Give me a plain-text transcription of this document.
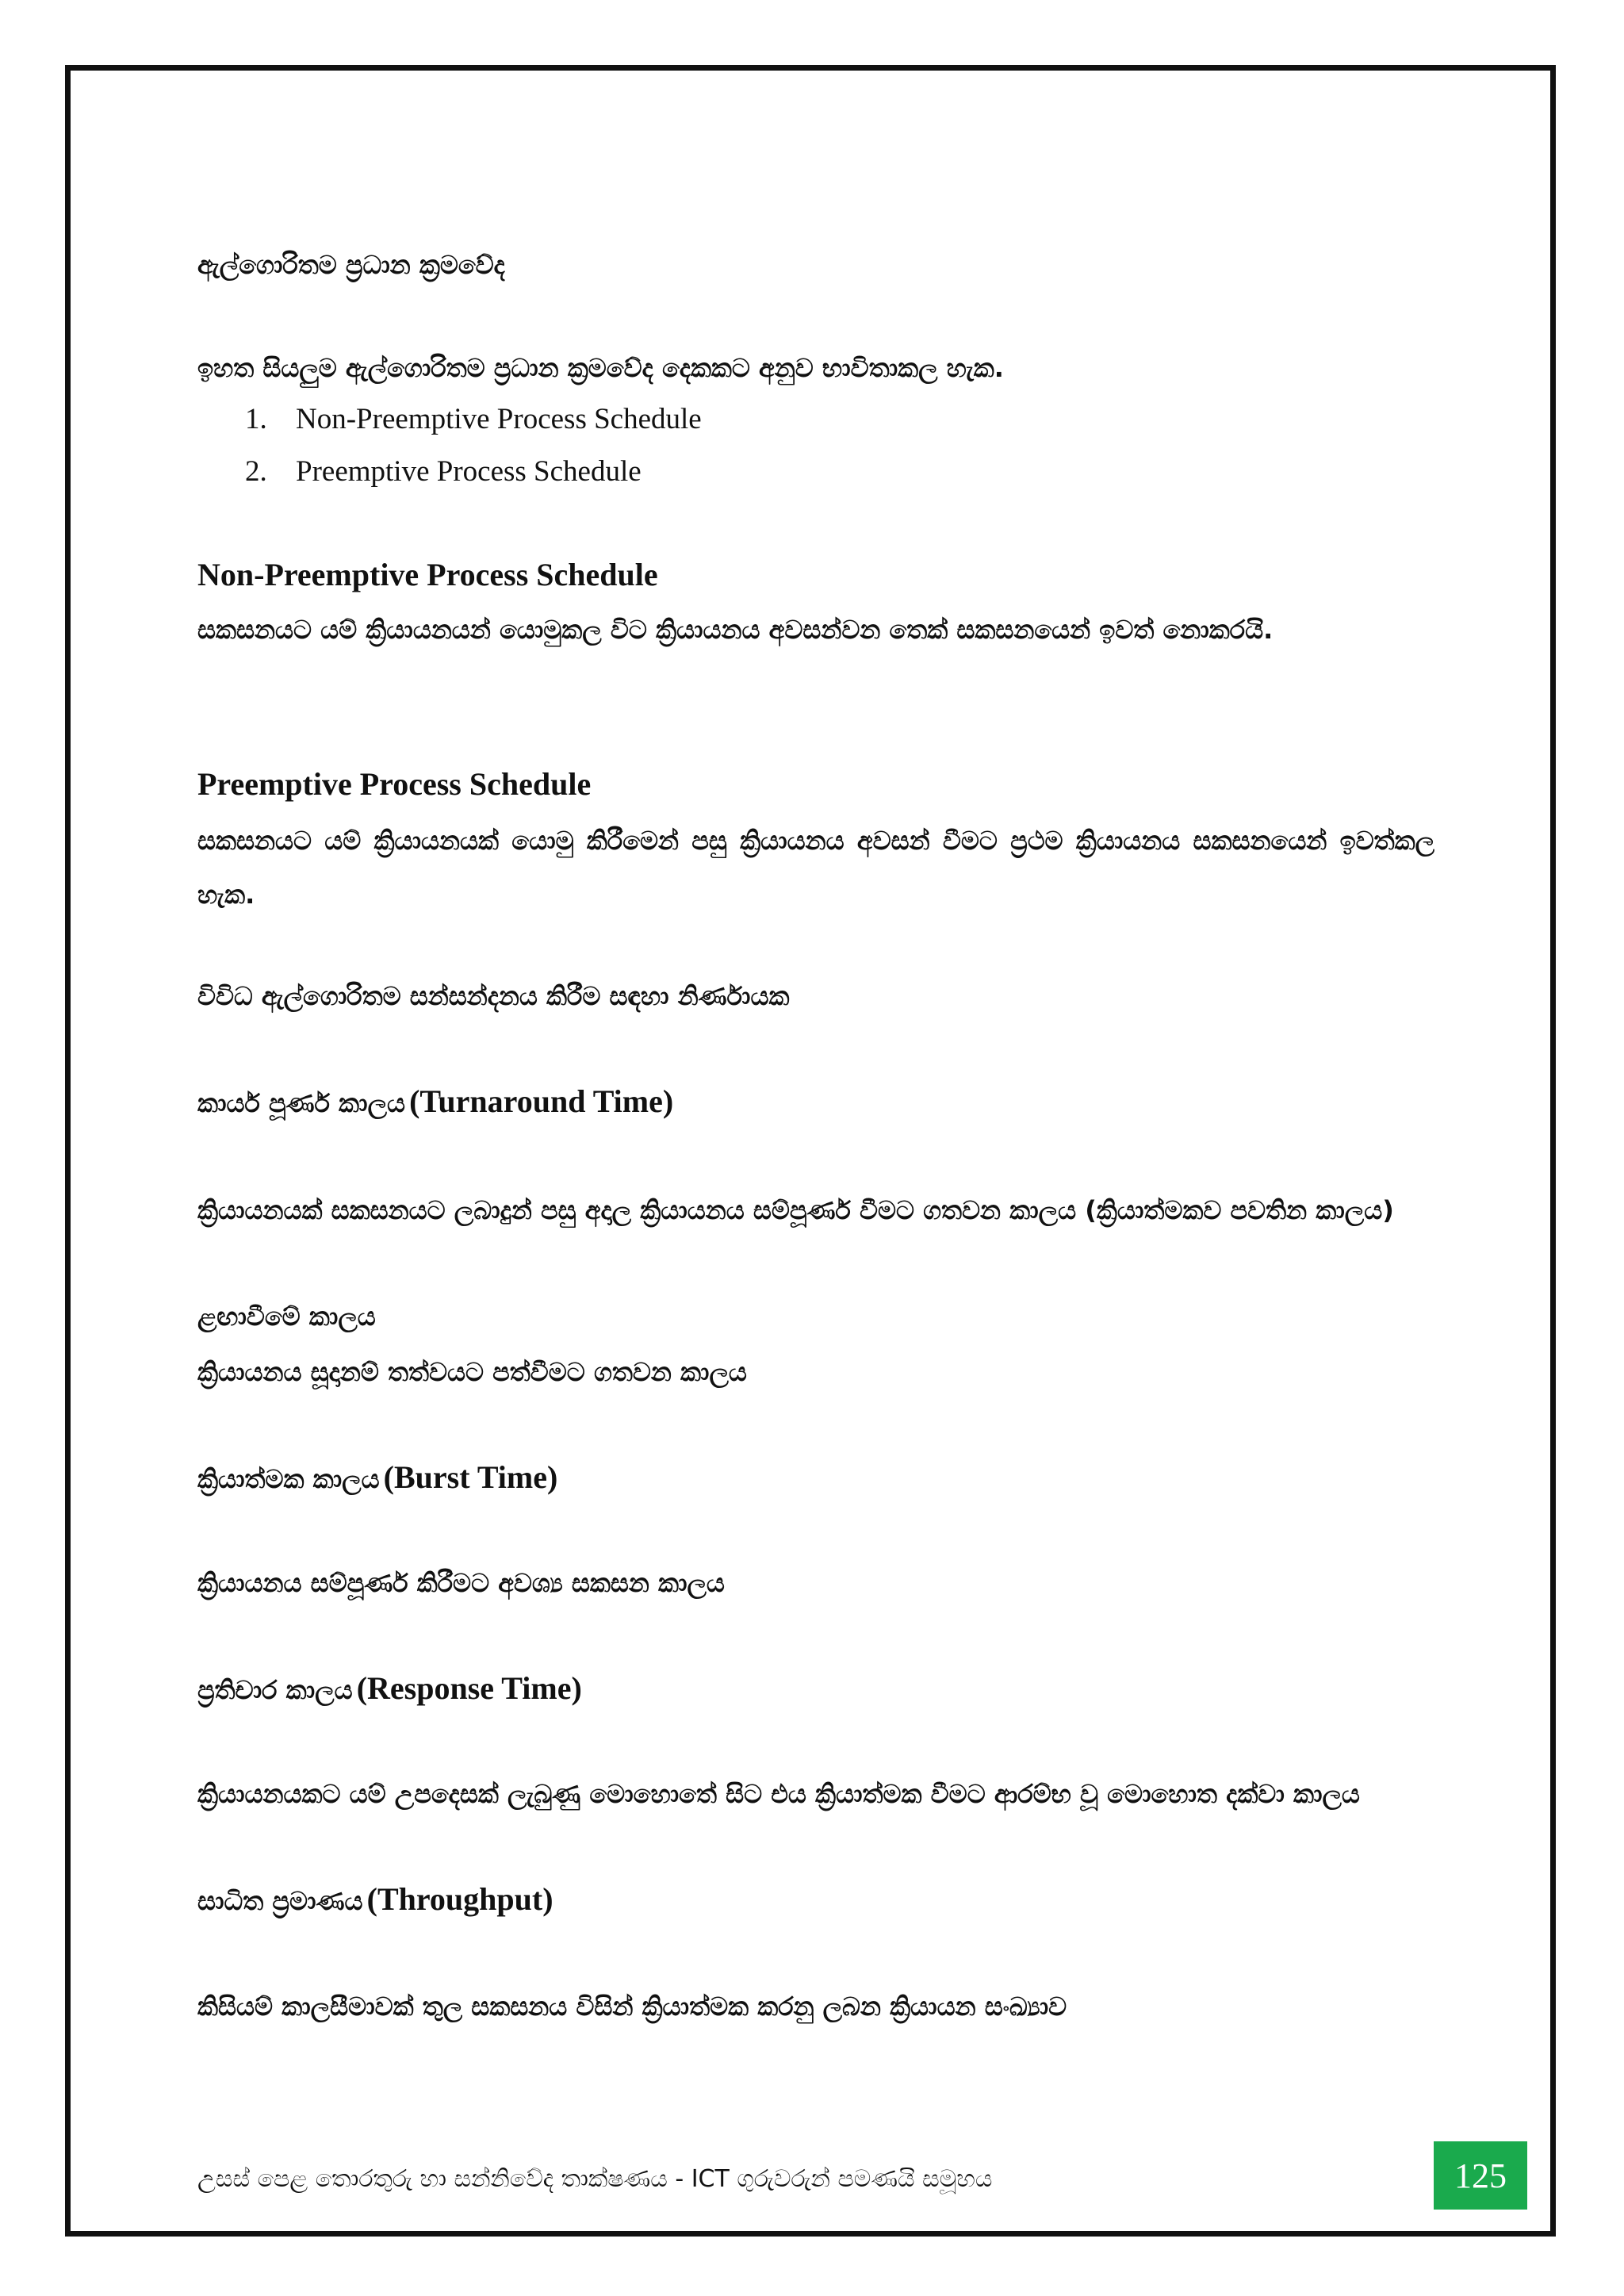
ඇල්ගොරිතම ප්‍රධාන ක්‍රමවේද
ඉහත සියලුම ඇල්ගොරිතම ප්‍රධාන ක්‍රමවේද දෙකකට අනුව භාවිතාකල හැක.
1. Non-Preemptive Process Schedule
2. Preemptive Process Schedule
Non-Preemptive Process Schedule
සකසනයට යම් ක්‍රියායනයන් යොමුකල විට ක්‍රියායනය අවසන්වන තෙක් සකසනයෙන් ඉවත් නොකරයි.
Preemptive Process Schedule
සකසනයට යම් ක්‍රියායනයක් යොමු කිරීමෙන් පසු ක්‍රියායනය අවසන් වීමට ප්‍රථම ක්‍රියායනය සකසනයෙන් ඉවත්කල හැක.
විවිධ ඇල්ගොරිතම සන්සන්දනය කිරීම සඳහා නිර්ණායක
කාර්ය පූර්ණ කාලය (Turnaround Time)
ක්‍රියායනයක් සකසනයට ලබාදුන් පසු අදාල ක්‍රියායනය සම්පූර්ණ වීමට ගතවන කාලය (ක්‍රියාත්මකව පවතින කාලය)
ළඟාවීමේ කාලය
ක්‍රියායනය සූදානම් තත්වයට පත්වීමට ගතවන කාලය
ක්‍රියාත්මක කාලය (Burst Time)
ක්‍රියායනය සම්පූර්ණ කිරීමට අවශ්‍ය සකසන කාලය
ප්‍රතිචාර කාලය (Response Time)
ක්‍රියායනයකට යම් උපදෙසක් ලැබුණු මොහොතේ සිට එය ක්‍රියාත්මක වීමට ආරම්භ වූ මොහොත දක්වා කාලය
සාධිත ප්‍රමාණය (Throughput)
කිසියම් කාලසීමාවක් තුල සකසනය විසින් ක්‍රියාත්මක කරනු ලබන ක්‍රියායන සංඛ්‍යාව
උසස් පෙළ තොරතුරු හා සන්නිවේද තාක්ෂණය - ICT ගුරුවරුන් පමණයි සමූහය	125
